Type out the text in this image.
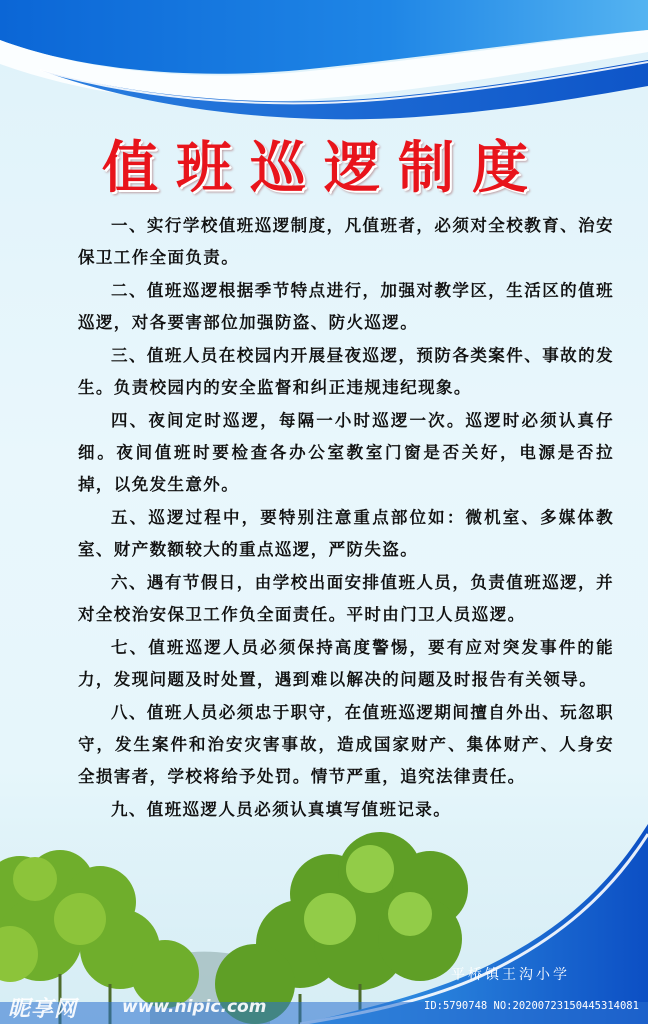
值班巡逻制度

一、实行学校值班巡逻制度，凡值班者，必须对全校教育、治安保卫工作全面负责。

二、值班巡逻根据季节特点进行，加强对教学区，生活区的值班巡逻，对各要害部位加强防盗、防火巡逻。

三、值班人员在校园内开展昼夜巡逻，预防各类案件、事故的发生。负责校园内的安全监督和纠正违规违纪现象。

四、夜间定时巡逻，每隔一小时巡逻一次。巡逻时必须认真仔细。夜间值班时要检查各办公室教室门窗是否关好，电源是否拉掉，以免发生意外。

五、巡逻过程中，要特别注意重点部位如：微机室、多媒体教室、财产数额较大的重点巡逻，严防失盗。

六、遇有节假日，由学校出面安排值班人员，负责值班巡逻，并对全校治安保卫工作负全面责任。平时由门卫人员巡逻。

七、值班巡逻人员必须保持高度警惕，要有应对突发事件的能力，发现问题及时处置，遇到难以解决的问题及时报告有关领导。

八、值班人员必须忠于职守，在值班巡逻期间擅自外出、玩忽职守，发生案件和治安灾害事故，造成国家财产、集体财产、人身安全损害者，学校将给予处罚。情节严重，追究法律责任。

九、值班巡逻人员必须认真填写值班记录。

平桥镇王沟小学
昵享网	www.nipic.com	ID:5790748 NO:20200723150445314081
